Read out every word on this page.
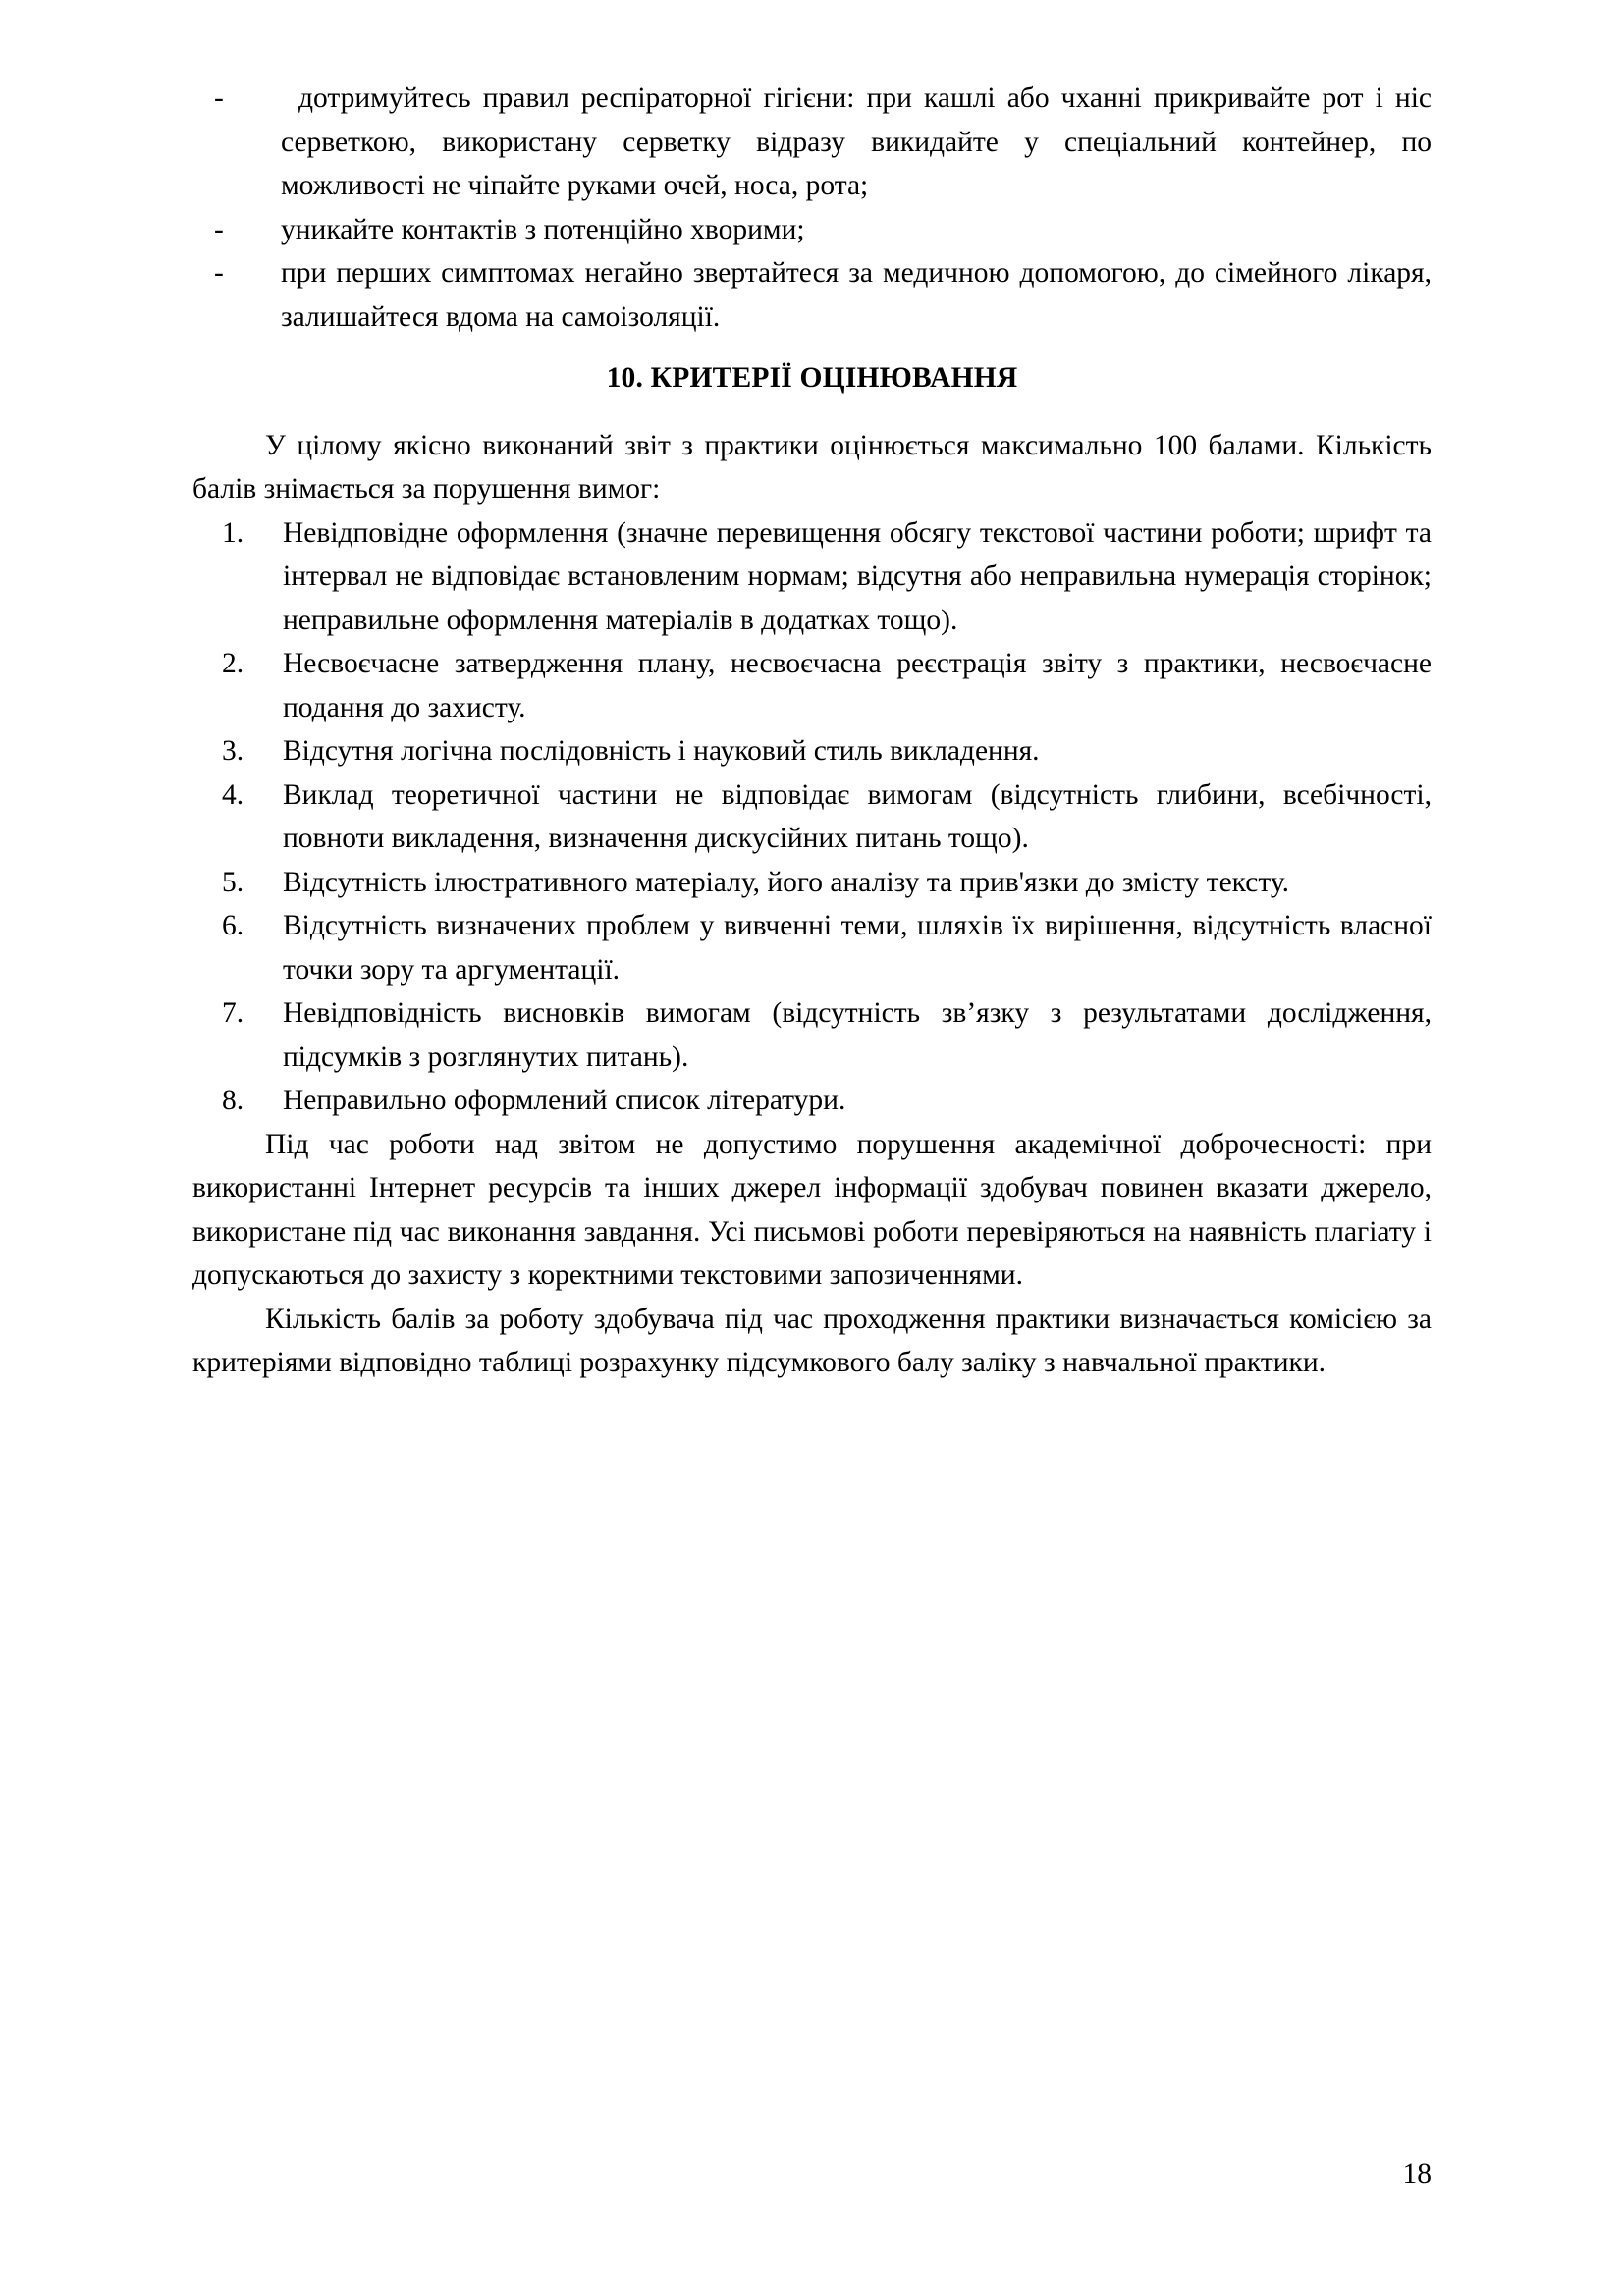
-	дотримуйтесь правил респіраторної гігієни: при кашлі або чханні прикривайте рот і ніс серветкою, використану серветку відразу викидайте у спеціальний контейнер, по можливості не чіпайте руками очей, носа, рота;
-	уникайте контактів з потенційно хворими;
-	при перших симптомах негайно звертайтеся за медичною допомогою, до сімейного лікаря, залишайтеся вдома на самоізоляції.
10. КРИТЕРІЇ ОЦІНЮВАННЯ

У цілому якісно виконаний звіт з практики оцінюється максимально 100 балами. Кількість балів знімається за порушення вимог:

1.	Невідповідне оформлення (значне перевищення обсягу текстової частини роботи; шрифт та інтервал не відповідає встановленим нормам; відсутня або неправильна нумерація сторінок; неправильне оформлення матеріалів в додатках тощо).
2.	Несвоєчасне затвердження плану, несвоєчасна реєстрація звіту з практики, несвоєчасне подання до захисту.
3.	Відсутня логічна послідовність і науковий стиль викладення.
4.	Виклад теоретичної частини не відповідає вимогам (відсутність глибини, всебічності, повноти викладення, визначення дискусійних питань тощо).
5.	Відсутність ілюстративного матеріалу, його аналізу та прив'язки до змісту тексту.
6.	Відсутність визначених проблем у вивченні теми, шляхів їх вирішення, відсутність власної точки зору та аргументації.
7.	Невідповідність висновків вимогам (відсутність зв’язку з результатами дослідження, підсумків з розглянутих питань).
8.	Неправильно оформлений список літератури.

Під час роботи над звітом не допустимо порушення академічної доброчесності: при використанні Інтернет ресурсів та інших джерел інформації здобувач повинен вказати джерело, використане під час виконання завдання. Усі письмові роботи перевіряються на наявність плагіату і допускаються до захисту з коректними текстовими запозиченнями.

Кількість балів за роботу здобувача під час проходження практики визначається комісією за критеріями відповідно таблиці розрахунку підсумкового балу заліку з навчальної практики.

18
